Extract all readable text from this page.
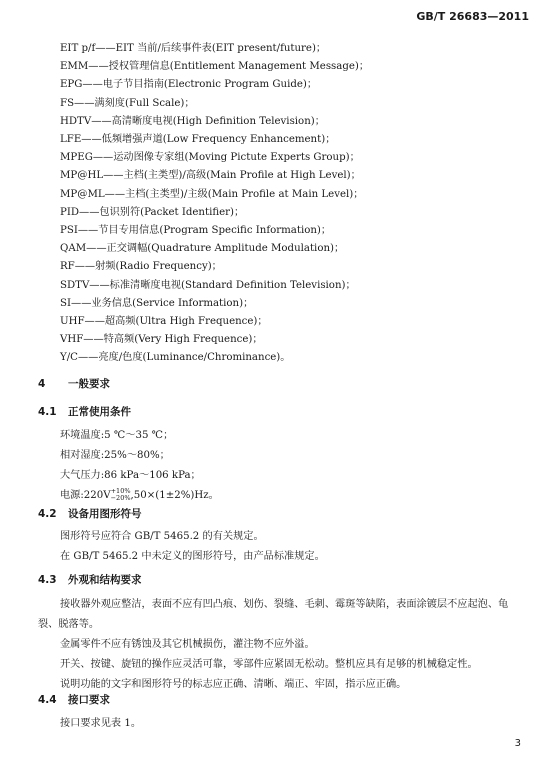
GB/T 26683—2011
EIT p/f——EIT 当前/后续事件表(EIT present/future)；
EMM——授权管理信息(Entitlement Management Message)；
EPG——电子节目指南(Electronic Program Guide)；
FS——满刻度(Full Scale)；
HDTV——高清晰度电视(High Definition Television)；
LFE——低频增强声道(Low Frequency Enhancement)；
MPEG——运动图像专家组(Moving Pictute Experts Group)；
MP@HL——主档(主类型)/高级(Main Profile at High Level)；
MP@ML——主档(主类型)/主级(Main Profile at Main Level)；
PID——包识别符(Packet Identifier)；
PSI——节目专用信息(Program Specific Information)；
QAM——正交调幅(Quadrature Amplitude Modulation)；
RF——射频(Radio Frequency)；
SDTV——标准清晰度电视(Standard Definition Television)；
SI——业务信息(Service Information)；
UHF——超高频(Ultra High Frequence)；
VHF——特高频(Very High Frequence)；
Y/C——亮度/色度(Luminance/Chrominance)。
4 一般要求
4.1 正常使用条件
环境温度:5 ℃～35 ℃；
相对湿度:25%～80%；
大气压力:86 kPa～106 kPa；
电源:220V +10%
−20% ,50×(1±2%)Hz。
4.2 设备用图形符号
图形符号应符合 GB/T 5465.2 的有关规定。
在 GB/T 5465.2 中未定义的图形符号，由产品标准规定。
4.3 外观和结构要求
接收器外观应整洁，表面不应有凹凸痕、划伤、裂缝、毛刺、霉斑等缺陷，表面涂镀层不应起泡、龟裂、脱落等。
金属零件不应有锈蚀及其它机械损伤，灌注物不应外溢。
开关、按键、旋钮的操作应灵活可靠，零部件应紧固无松动。整机应具有足够的机械稳定性。
说明功能的文字和图形符号的标志应正确、清晰、端正、牢固，指示应正确。
4.4 接口要求
接口要求见表 1。
3
